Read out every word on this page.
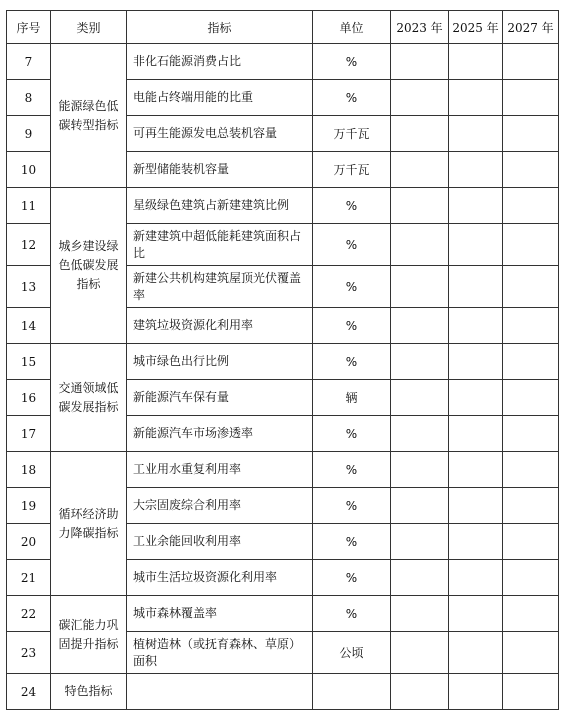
序号	类别	指标	单位	2023 年	2025 年	2027 年
7	能源绿色低碳转型指标	非化石能源消费占比	%			
8		电能占终端用能的比重	%			
9		可再生能源发电总装机容量	万千瓦			
10		新型储能装机容量	万千瓦			
11	城乡建设绿色低碳发展指标	星级绿色建筑占新建建筑比例	%			
12		新建建筑中超低能耗建筑面积占比	%			
13		新建公共机构建筑屋顶光伏覆盖率	%			
14		建筑垃圾资源化利用率	%			
15	交通领域低碳发展指标	城市绿色出行比例	%			
16		新能源汽车保有量	辆			
17		新能源汽车市场渗透率	%			
18	循环经济助力降碳指标	工业用水重复利用率	%			
19		大宗固废综合利用率	%			
20		工业余能回收利用率	%			
21		城市生活垃圾资源化利用率	%			
22	碳汇能力巩固提升指标	城市森林覆盖率	%			
23		植树造林（或抚育森林、草原）面积	公顷			
24	特色指标					
